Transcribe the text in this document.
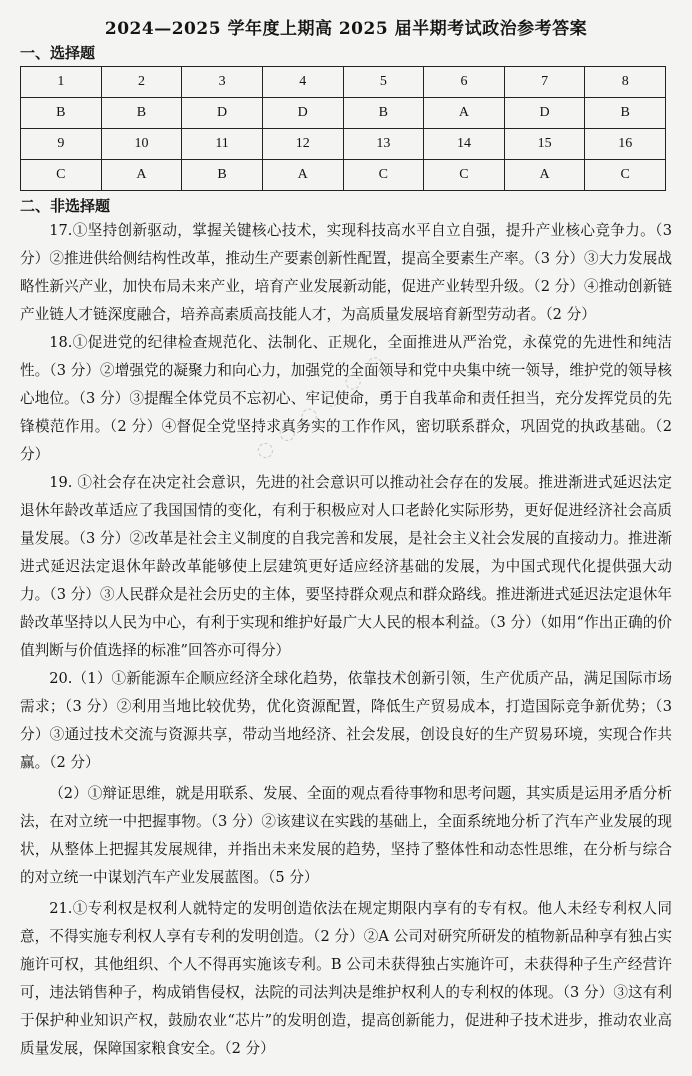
2024—2025 学年度上期高 2025 届半期考试政治参考答案
一、选择题
1	2	3	4	5	6	7	8
B	B	D	D	B	A	D	B
9	10	11	12	13	14	15	16
C	A	B	A	C	C	A	C
二、非选择题

17.①坚持创新驱动，掌握关键核心技术，实现科技高水平自立自强，提升产业核心竞争力。（3 分）②推进供给侧结构性改革，推动生产要素创新性配置，提高全要素生产率。（3 分）③大力发展战略性新兴产业，加快布局未来产业，培育产业发展新动能，促进产业转型升级。（2 分）④推动创新链产业链人才链深度融合，培养高素质高技能人才，为高质量发展培育新型劳动者。（2 分）

18.①促进党的纪律检查规范化、法制化、正规化，全面推进从严治党，永葆党的先进性和纯洁性。（3 分）②增强党的凝聚力和向心力，加强党的全面领导和党中央集中统一领导，维护党的领导核心地位。（3 分）③提醒全体党员不忘初心、牢记使命，勇于自我革命和责任担当，充分发挥党员的先锋模范作用。（2 分）④督促全党坚持求真务实的工作作风，密切联系群众，巩固党的执政基础。（2 分）

19. ①社会存在决定社会意识，先进的社会意识可以推动社会存在的发展。推进渐进式延迟法定退休年龄改革适应了我国国情的变化，有利于积极应对人口老龄化实际形势，更好促进经济社会高质量发展。（3 分）②改革是社会主义制度的自我完善和发展，是社会主义社会发展的直接动力。推进渐进式延迟法定退休年龄改革能够使上层建筑更好适应经济基础的发展，为中国式现代化提供强大动力。（3 分）③人民群众是社会历史的主体，要坚持群众观点和群众路线。推进渐进式延迟法定退休年龄改革坚持以人民为中心，有利于实现和维护好最广大人民的根本利益。（3 分）（如用“作出正确的价值判断与价值选择的标准”回答亦可得分）

20.（1）①新能源车企顺应经济全球化趋势，依靠技术创新引领，生产优质产品，满足国际市场需求；（3 分）②利用当地比较优势，优化资源配置，降低生产贸易成本，打造国际竞争新优势；（3 分）③通过技术交流与资源共享，带动当地经济、社会发展，创设良好的生产贸易环境，实现合作共赢。（2 分）

（2）①辩证思维，就是用联系、发展、全面的观点看待事物和思考问题，其实质是运用矛盾分析法，在对立统一中把握事物。（3 分）②该建议在实践的基础上，全面系统地分析了汽车产业发展的现状，从整体上把握其发展规律，并指出未来发展的趋势，坚持了整体性和动态性思维，在分析与综合的对立统一中谋划汽车产业发展蓝图。（5 分）

21.①专利权是权利人就特定的发明创造依法在规定期限内享有的专有权。他人未经专利权人同意，不得实施专利权人享有专利的发明创造。（2 分）②A 公司对研究所研发的植物新品种享有独占实施许可权，其他组织、个人不得再实施该专利。B 公司未获得独占实施许可，未获得种子生产经营许可，违法销售种子，构成销售侵权，法院的司法判决是维护权利人的专利权的体现。（3 分）③这有利于保护种业知识产权，鼓励农业“芯片”的发明创造，提高创新能力，促进种子技术进步，推动农业高质量发展，保障国家粮食安全。（2 分）

◌ ◌ ◌ ◌ ◌ ◌
